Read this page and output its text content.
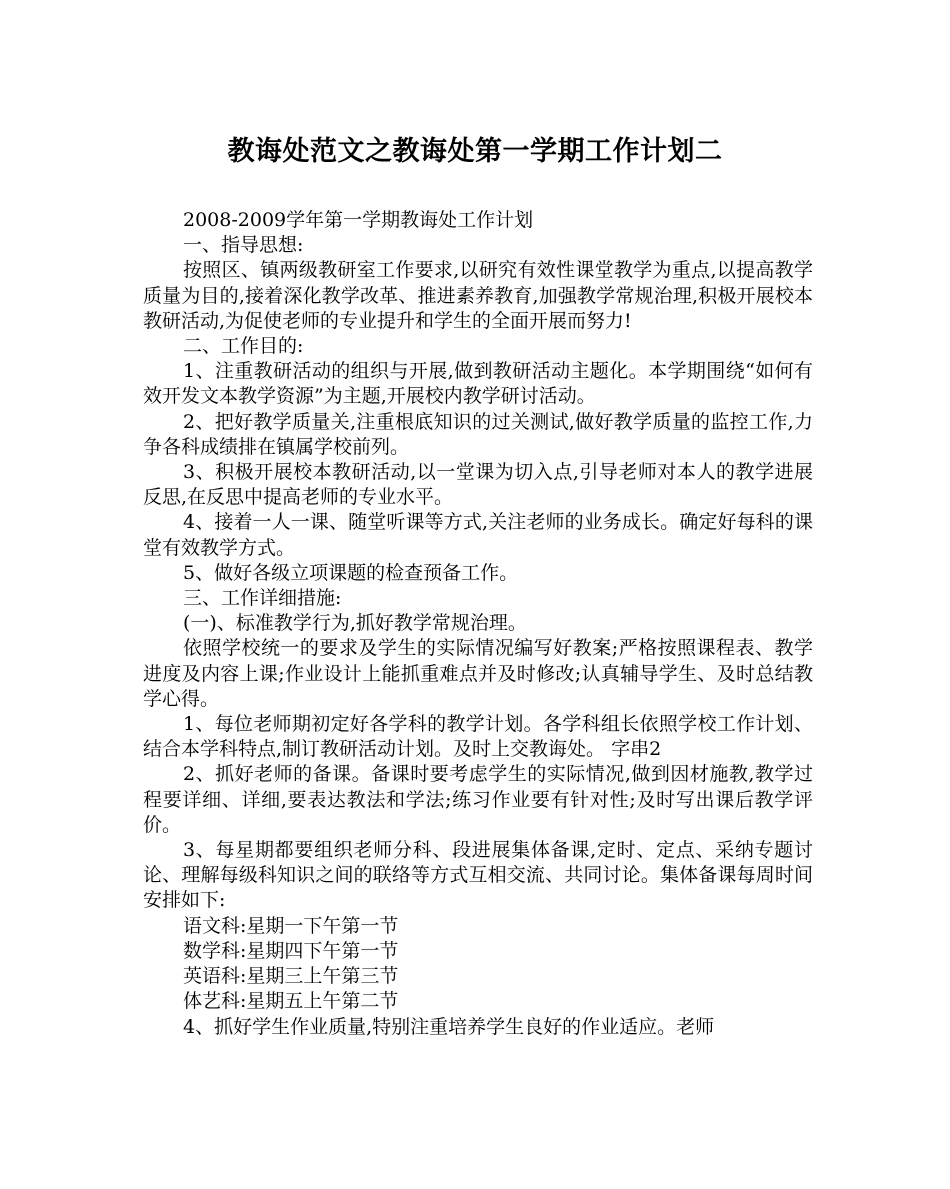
教诲处范文之教诲处第一学期工作计划二

2008-2009学年第一学期教诲处工作计划

一、指导思想:

按照区、镇两级教研室工作要求,以研究有效性课堂教学为重点,以提高教学质量为目的,接着深化教学改革、推进素养教育,加强教学常规治理,积极开展校本教研活动,为促使老师的专业提升和学生的全面开展而努力!

二、工作目的:

1、注重教研活动的组织与开展,做到教研活动主题化。本学期围绕“如何有效开发文本教学资源”为主题,开展校内教学研讨活动。

2、把好教学质量关,注重根底知识的过关测试,做好教学质量的监控工作,力争各科成绩排在镇属学校前列。

3、积极开展校本教研活动,以一堂课为切入点,引导老师对本人的教学进展反思,在反思中提高老师的专业水平。

4、接着一人一课、随堂听课等方式,关注老师的业务成长。确定好每科的课堂有效教学方式。

5、做好各级立项课题的检查预备工作。

三、工作详细措施:

(一)、标准教学行为,抓好教学常规治理。

依照学校统一的要求及学生的实际情况编写好教案;严格按照课程表、教学进度及内容上课;作业设计上能抓重难点并及时修改;认真辅导学生、及时总结教学心得。

1、每位老师期初定好各学科的教学计划。各学科组长依照学校工作计划、结合本学科特点,制订教研活动计划。及时上交教诲处。 字串2

2、抓好老师的备课。备课时要考虑学生的实际情况,做到因材施教,教学过程要详细、详细,要表达教法和学法;练习作业要有针对性;及时写出课后教学评价。

3、每星期都要组织老师分科、段进展集体备课,定时、定点、采纳专题讨论、理解每级科知识之间的联络等方式互相交流、共同讨论。集体备课每周时间安排如下:

语文科:星期一下午第一节

数学科:星期四下午第一节

英语科:星期三上午第三节

体艺科:星期五上午第二节

4、抓好学生作业质量,特别注重培养学生良好的作业适应。老师
